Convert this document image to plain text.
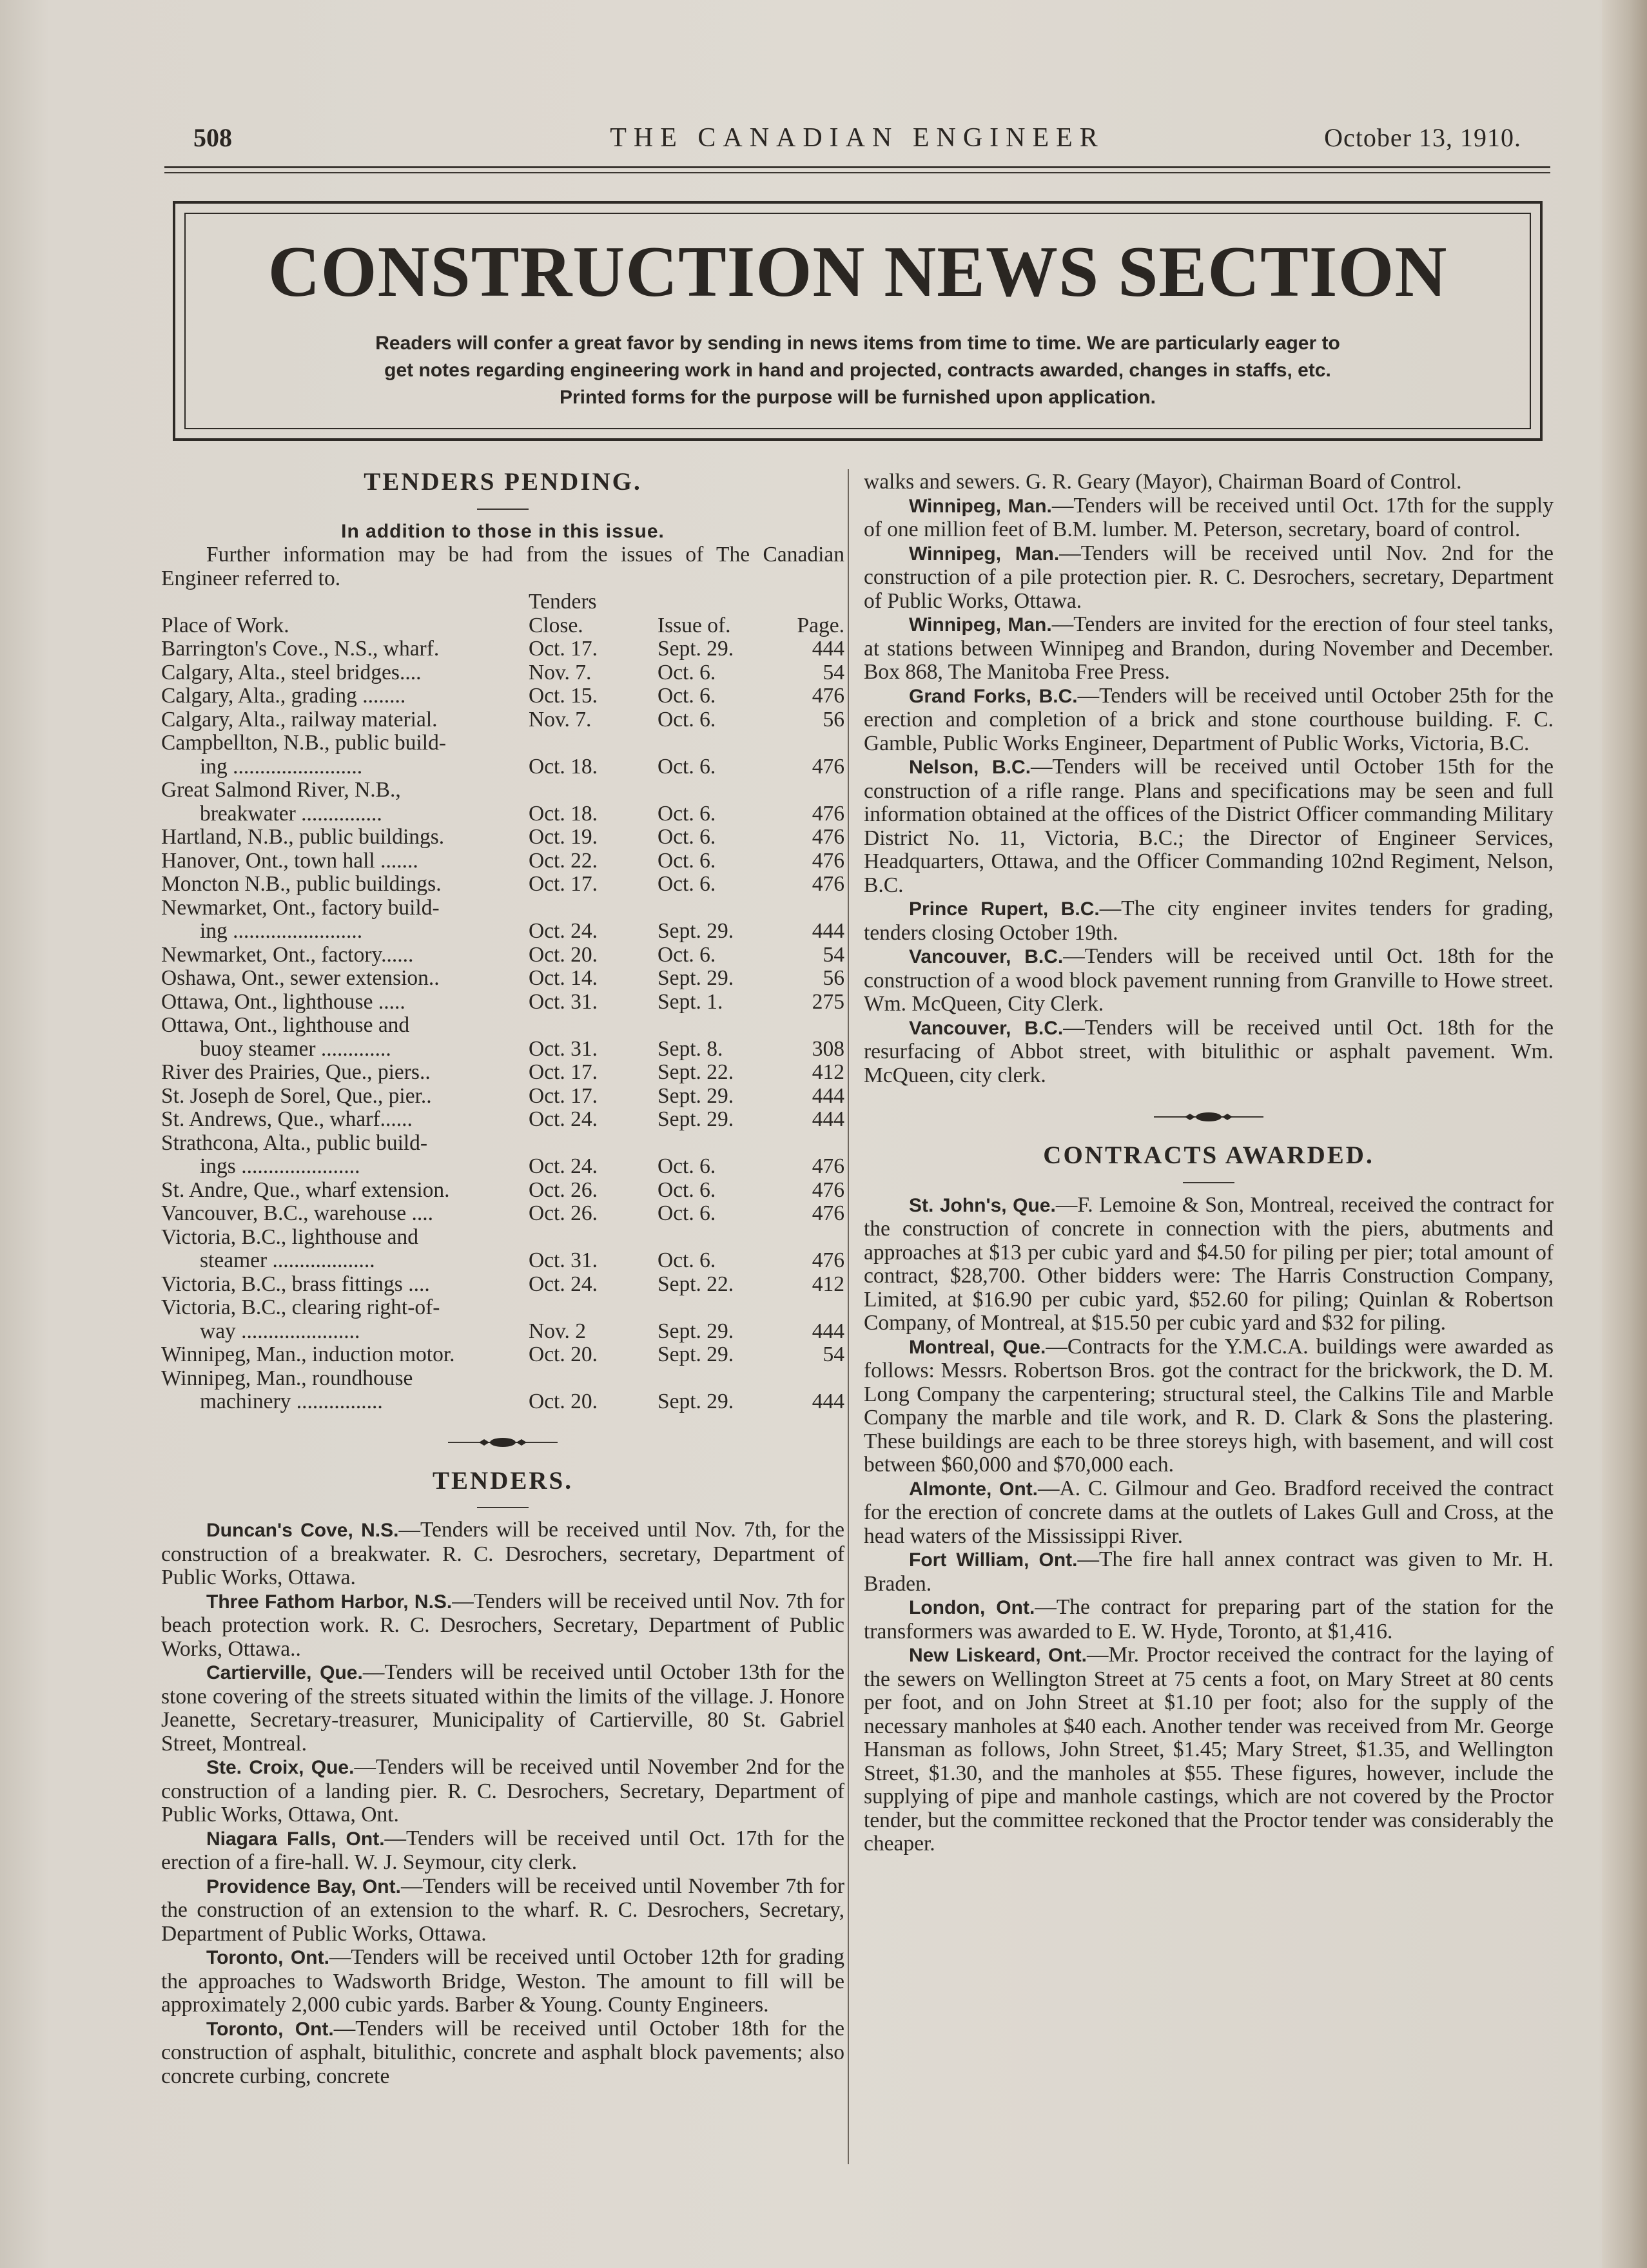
508	THE CANADIAN ENGINEER	October 13, 1910.
CONSTRUCTION NEWS SECTION
Readers will confer a great favor by sending in news items from time to time. We are particularly eager to
get notes regarding engineering work in hand and projected, contracts awarded, changes in staffs, etc.
Printed forms for the purpose will be furnished upon application.
TENDERS PENDING.
In addition to those in this issue.

Further information may be had from the issues of The Canadian Engineer referred to.

	Tenders		
Place of Work.	Close.	Issue of.	Page.
Barrington's Cove., N.S., wharf.	Oct. 17.	Sept. 29.	444
Calgary, Alta., steel bridges....	Nov. 7.	Oct. 6.	54
Calgary, Alta., grading ........	Oct. 15.	Oct. 6.	476
Calgary, Alta., railway material.	Nov. 7.	Oct. 6.	56
Campbellton, N.B., public build-			
ing ........................	Oct. 18.	Oct. 6.	476
Great Salmond River, N.B.,			
breakwater ...............	Oct. 18.	Oct. 6.	476
Hartland, N.B., public buildings.	Oct. 19.	Oct. 6.	476
Hanover, Ont., town hall .......	Oct. 22.	Oct. 6.	476
Moncton N.B., public buildings.	Oct. 17.	Oct. 6.	476
Newmarket, Ont., factory build-			
ing ........................	Oct. 24.	Sept. 29.	444
Newmarket, Ont., factory......	Oct. 20.	Oct. 6.	54
Oshawa, Ont., sewer extension..	Oct. 14.	Sept. 29.	56
Ottawa, Ont., lighthouse .....	Oct. 31.	Sept. 1.	275
Ottawa, Ont., lighthouse and			
buoy steamer .............	Oct. 31.	Sept. 8.	308
River des Prairies, Que., piers..	Oct. 17.	Sept. 22.	412
St. Joseph de Sorel, Que., pier..	Oct. 17.	Sept. 29.	444
St. Andrews, Que., wharf......	Oct. 24.	Sept. 29.	444
Strathcona, Alta., public build-			
ings ......................	Oct. 24.	Oct. 6.	476
St. Andre, Que., wharf extension.	Oct. 26.	Oct. 6.	476
Vancouver, B.C., warehouse ....	Oct. 26.	Oct. 6.	476
Victoria, B.C., lighthouse and			
steamer ...................	Oct. 31.	Oct. 6.	476
Victoria, B.C., brass fittings ....	Oct. 24.	Sept. 22.	412
Victoria, B.C., clearing right-of-			
way ......................	Nov. 2	Sept. 29.	444
Winnipeg, Man., induction motor.	Oct. 20.	Sept. 29.	54
Winnipeg, Man., roundhouse			
machinery ................	Oct. 20.	Sept. 29.	444
TENDERS.

Duncan's Cove, N.S.—Tenders will be received until Nov. 7th, for the construction of a breakwater. R. C. Desrochers, secretary, Department of Public Works, Ottawa.

Three Fathom Harbor, N.S.—Tenders will be received until Nov. 7th for beach protection work. R. C. Desrochers, Secretary, Department of Public Works, Ottawa..

Cartierville, Que.—Tenders will be received until October 13th for the stone covering of the streets situated within the limits of the village. J. Honore Jeanette, Secretary-treasurer, Municipality of Cartierville, 80 St. Gabriel Street, Montreal.

Ste. Croix, Que.—Tenders will be received until November 2nd for the construction of a landing pier. R. C. Desrochers, Secretary, Department of Public Works, Ottawa, Ont.

Niagara Falls, Ont.—Tenders will be received until Oct. 17th for the erection of a fire-hall. W. J. Seymour, city clerk.

Providence Bay, Ont.—Tenders will be received until November 7th for the construction of an extension to the wharf. R. C. Desrochers, Secretary, Department of Public Works, Ottawa.

Toronto, Ont.—Tenders will be received until October 12th for grading the approaches to Wadsworth Bridge, Weston. The amount to fill will be approximately 2,000 cubic yards. Barber & Young. County Engineers.

Toronto, Ont.—Tenders will be received until October 18th for the construction of asphalt, bitulithic, concrete and asphalt block pavements; also concrete curbing, concrete

walks and sewers. G. R. Geary (Mayor), Chairman Board of Control.

Winnipeg, Man.—Tenders will be received until Oct. 17th for the supply of one million feet of B.M. lumber. M. Peterson, secretary, board of control.

Winnipeg, Man.—Tenders will be received until Nov. 2nd for the construction of a pile protection pier. R. C. Desrochers, secretary, Department of Public Works, Ottawa.

Winnipeg, Man.—Tenders are invited for the erection of four steel tanks, at stations between Winnipeg and Brandon, during November and December. Box 868, The Manitoba Free Press.

Grand Forks, B.C.—Tenders will be received until October 25th for the erection and completion of a brick and stone courthouse building. F. C. Gamble, Public Works Engineer, Department of Public Works, Victoria, B.C.

Nelson, B.C.—Tenders will be received until October 15th for the construction of a rifle range. Plans and specifications may be seen and full information obtained at the offices of the District Officer commanding Military District No. 11, Victoria, B.C.; the Director of Engineer Services, Headquarters, Ottawa, and the Officer Commanding 102nd Regiment, Nelson, B.C.

Prince Rupert, B.C.—The city engineer invites tenders for grading, tenders closing October 19th.

Vancouver, B.C.—Tenders will be received until Oct. 18th for the construction of a wood block pavement running from Granville to Howe street. Wm. McQueen, City Clerk.

Vancouver, B.C.—Tenders will be received until Oct. 18th for the resurfacing of Abbot street, with bitulithic or asphalt pavement. Wm. McQueen, city clerk.

CONTRACTS AWARDED.

St. John's, Que.—F. Lemoine & Son, Montreal, received the contract for the construction of concrete in connection with the piers, abutments and approaches at $13 per cubic yard and $4.50 for piling per pier; total amount of contract, $28,700. Other bidders were: The Harris Construction Company, Limited, at $16.90 per cubic yard, $52.60 for piling; Quinlan & Robertson Company, of Montreal, at $15.50 per cubic yard and $32 for piling.

Montreal, Que.—Contracts for the Y.M.C.A. buildings were awarded as follows: Messrs. Robertson Bros. got the contract for the brickwork, the D. M. Long Company the carpentering; structural steel, the Calkins Tile and Marble Company the marble and tile work, and R. D. Clark & Sons the plastering. These buildings are each to be three storeys high, with basement, and will cost between $60,000 and $70,000 each.

Almonte, Ont.—A. C. Gilmour and Geo. Bradford received the contract for the erection of concrete dams at the outlets of Lakes Gull and Cross, at the head waters of the Mississippi River.

Fort William, Ont.—The fire hall annex contract was given to Mr. H. Braden.

London, Ont.—The contract for preparing part of the station for the transformers was awarded to E. W. Hyde, Toronto, at $1,416.

New Liskeard, Ont.—Mr. Proctor received the contract for the laying of the sewers on Wellington Street at 75 cents a foot, on Mary Street at 80 cents per foot, and on John Street at $1.10 per foot; also for the supply of the necessary manholes at $40 each. Another tender was received from Mr. George Hansman as follows, John Street, $1.45; Mary Street, $1.35, and Wellington Street, $1.30, and the manholes at $55. These figures, however, include the supplying of pipe and manhole castings, which are not covered by the Proctor tender, but the committee reckoned that the Proctor tender was considerably the cheaper.
